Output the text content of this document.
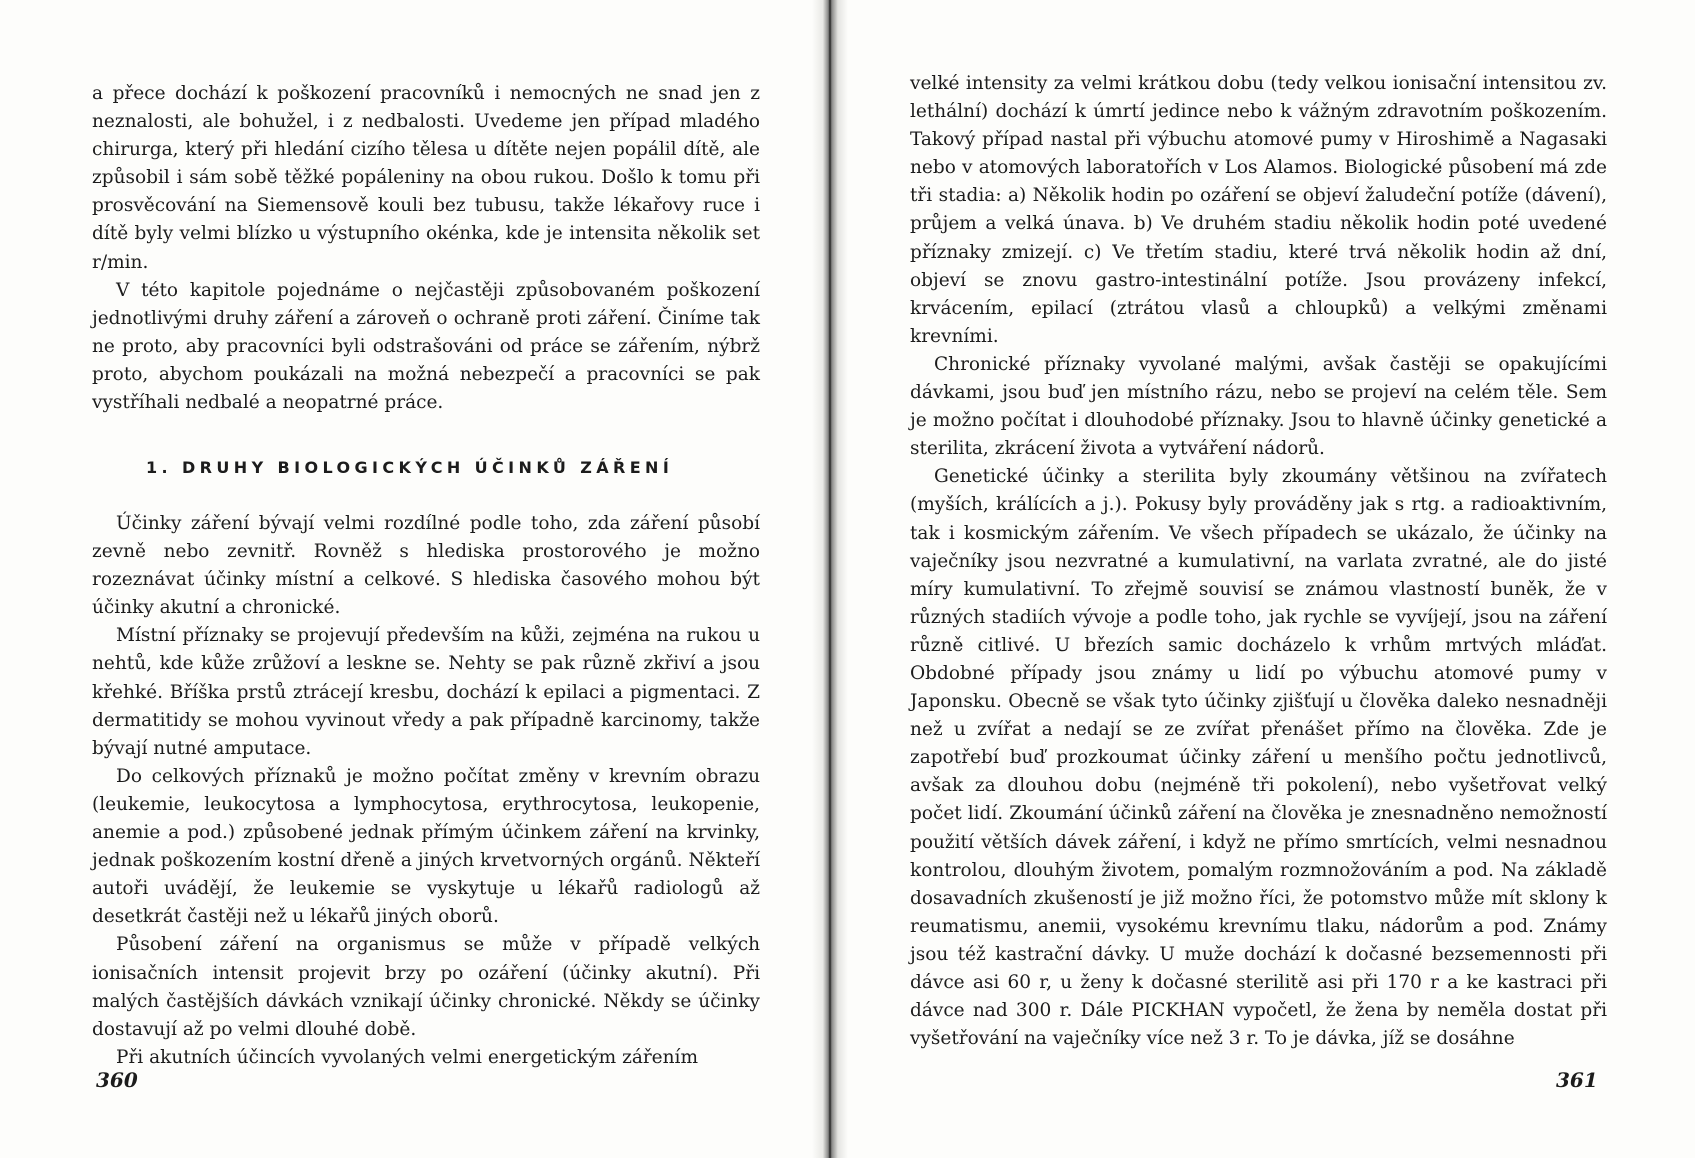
a přece dochází k poškození pracovníků i nemocných ne snad jen z neznalosti, ale bohužel, i z nedbalosti. Uvedeme jen případ mladého chirurga, který při hledání cizího tělesa u dítěte nejen popálil dítě, ale způsobil i sám sobě těžké popáleniny na obou rukou. Došlo k tomu při prosvěcování na Siemensově kouli bez tubusu, takže lékařovy ruce i dítě byly velmi blízko u výstupního okénka, kde je intensita několik set r/min.

V této kapitole pojednáme o nejčastěji způsobovaném poškození jednotlivými druhy záření a zároveň o ochraně proti záření. Činíme tak ne proto, aby pracovníci byli odstrašováni od práce se zářením, nýbrž proto, abychom poukázali na možná nebezpečí a pracovníci se pak vystříhali nedbalé a neopatrné práce.

1. DRUHY BIOLOGICKÝCH ÚČINKŮ ZÁŘENÍ

Účinky záření bývají velmi rozdílné podle toho, zda záření působí zevně nebo zevnitř. Rovněž s hlediska prostorového je možno rozeznávat účinky místní a celkové. S hlediska časového mohou být účinky akutní a chronické.

Místní příznaky se projevují především na kůži, zejména na rukou u nehtů, kde kůže zrůžoví a leskne se. Nehty se pak různě zkřiví a jsou křehké. Bříška prstů ztrácejí kresbu, dochází k epilaci a pigmentaci. Z dermatitidy se mohou vyvinout vředy a pak případně karcinomy, takže bývají nutné amputace.

Do celkových příznaků je možno počítat změny v krevním obrazu (leukemie, leukocytosa a lymphocytosa, erythrocytosa, leukopenie, anemie a pod.) způsobené jednak přímým účinkem záření na krvinky, jednak poškozením kostní dřeně a jiných krvetvorných orgánů. Někteří autoři uvádějí, že leukemie se vyskytuje u lékařů radiologů až desetkrát častěji než u lékařů jiných oborů.

Působení záření na organismus se může v případě velkých ionisačních intensit projevit brzy po ozáření (účinky akutní). Při malých častějších dávkách vznikají účinky chronické. Někdy se účinky dostavují až po velmi dlouhé době.

Při akutních účincích vyvolaných velmi energetickým zářením

360

velké intensity za velmi krátkou dobu (tedy velkou ionisační intensitou zv. lethální) dochází k úmrtí jedince nebo k vážným zdravotním poškozením. Takový případ nastal při výbuchu atomové pumy v Hiroshimě a Nagasaki nebo v atomových laboratořích v Los Alamos. Biologické působení má zde tři stadia: a) Několik hodin po ozáření se objeví žaludeční potíže (dávení), průjem a velká únava. b) Ve druhém stadiu několik hodin poté uvedené příznaky zmizejí. c) Ve třetím stadiu, které trvá několik hodin až dní, objeví se znovu gastro-intestinální potíže. Jsou provázeny infekcí, krvácením, epilací (ztrátou vlasů a chloupků) a velkými změnami krevními.

Chronické příznaky vyvolané malými, avšak častěji se opakujícími dávkami, jsou buď jen místního rázu, nebo se projeví na celém těle. Sem je možno počítat i dlouhodobé příznaky. Jsou to hlavně účinky genetické a sterilita, zkrácení života a vytváření nádorů.

Genetické účinky a sterilita byly zkoumány většinou na zvířatech (myších, králících a j.). Pokusy byly prováděny jak s rtg. a radioaktivním, tak i kosmickým zářením. Ve všech případech se ukázalo, že účinky na vaječníky jsou nezvratné a kumulativní, na varlata zvratné, ale do jisté míry kumulativní. To zřejmě souvisí se známou vlastností buněk, že v různých stadiích vývoje a podle toho, jak rychle se vyvíjejí, jsou na záření různě citlivé. U březích samic docházelo k vrhům mrtvých mláďat. Obdobné případy jsou známy u lidí po výbuchu atomové pumy v Japonsku. Obecně se však tyto účinky zjišťují u člověka daleko nesnadněji než u zvířat a nedají se ze zvířat přenášet přímo na člověka. Zde je zapotřebí buď prozkoumat účinky záření u menšího počtu jednotlivců, avšak za dlouhou dobu (nejméně tři pokolení), nebo vyšetřovat velký počet lidí. Zkoumání účinků záření na člověka je znesnadněno nemožností použití větších dávek záření, i když ne přímo smrtících, velmi nesnadnou kontrolou, dlouhým životem, pomalým rozmnožováním a pod. Na základě dosavadních zkušeností je již možno říci, že potomstvo může mít sklony k reumatismu, anemii, vysokému krevnímu tlaku, nádorům a pod. Známy jsou též kastrační dávky. U muže dochází k dočasné bezsemennosti při dávce asi 60 r, u ženy k dočasné sterilitě asi při 170 r a ke kastraci při dávce nad 300 r. Dále PICKHAN vypočetl, že žena by neměla dostat při vyšetřování na vaječníky více než 3 r. To je dávka, jíž se dosáhne

361
